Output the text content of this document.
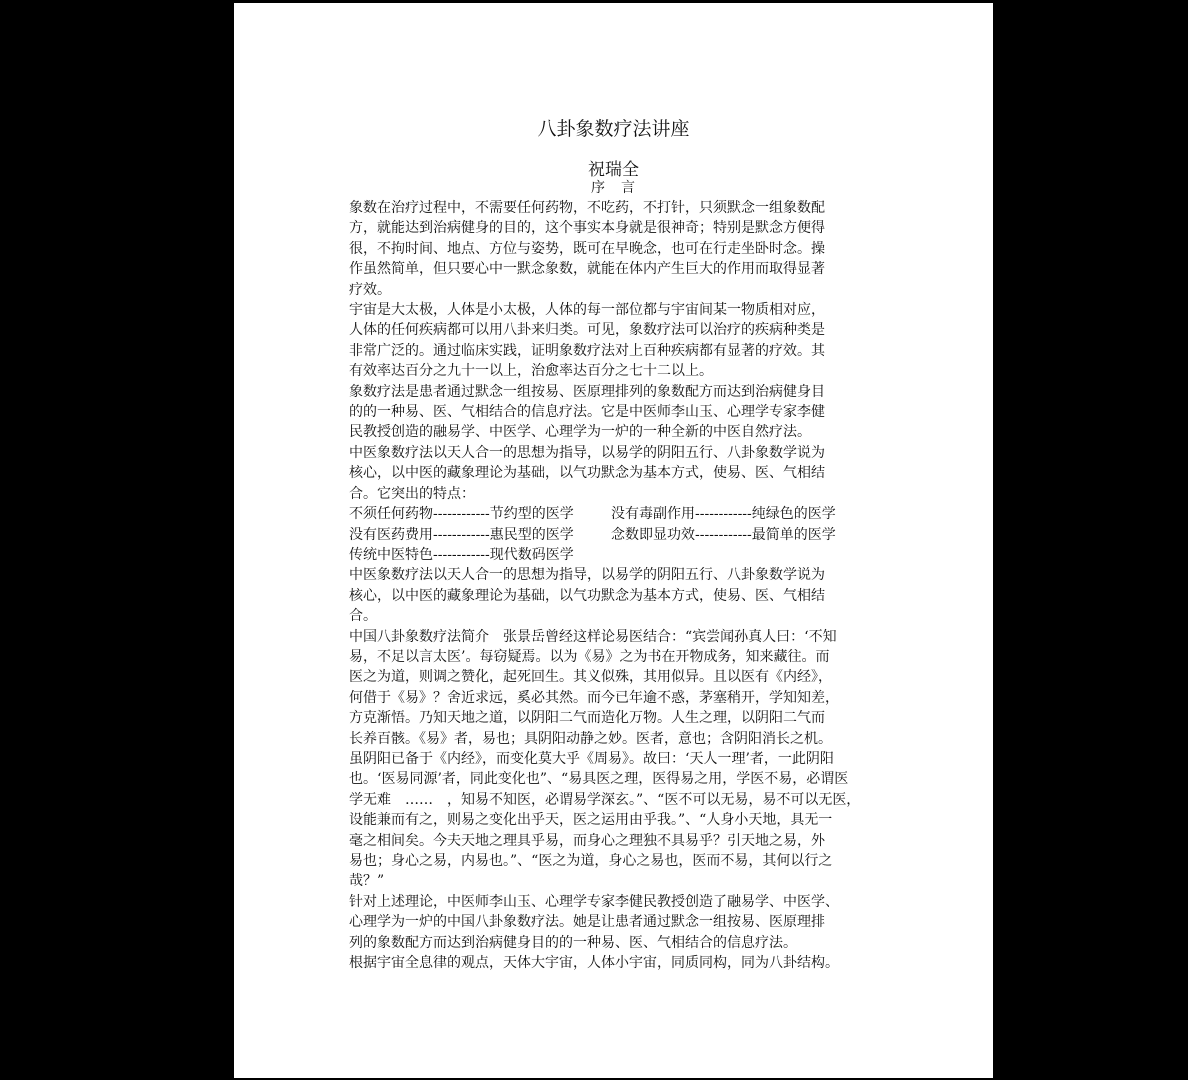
八卦象数疗法讲座
祝瑞全
序　言
象数在治疗过程中，不需要任何药物，不吃药，不打针，只须默念一组象数配
方，就能达到治病健身的目的，这个事实本身就是很神奇；特别是默念方便得
很，不拘时间、地点、方位与姿势，既可在早晚念，也可在行走坐卧时念。操
作虽然简单，但只要心中一默念象数，就能在体内产生巨大的作用而取得显著
疗效。
宇宙是大太极，人体是小太极，人体的每一部位都与宇宙间某一物质相对应，
人体的任何疾病都可以用八卦来归类。可见，象数疗法可以治疗的疾病种类是
非常广泛的。通过临床实践，证明象数疗法对上百种疾病都有显著的疗效。其
有效率达百分之九十一以上，治愈率达百分之七十二以上。
象数疗法是患者通过默念一组按易、医原理排列的象数配方而达到治病健身目
的的一种易、医、气相结合的信息疗法。它是中医师李山玉、心理学专家李健
民教授创造的融易学、中医学、心理学为一炉的一种全新的中医自然疗法。
中医象数疗法以天人合一的思想为指导，以易学的阴阳五行、八卦象数学说为
核心，以中医的藏象理论为基础，以气功默念为基本方式，使易、医、气相结
合。它突出的特点：
不须任何药物------------节约型的医学	没有毒副作用------------纯绿色的医学
没有医药费用------------惠民型的医学	念数即显功效------------最简单的医学
传统中医特色------------现代数码医学
中医象数疗法以天人合一的思想为指导，以易学的阴阳五行、八卦象数学说为
核心，以中医的藏象理论为基础，以气功默念为基本方式，使易、医、气相结
合。
中国八卦象数疗法简介　张景岳曾经这样论易医结合：“宾尝闻孙真人曰：‘不知
易，不足以言太医’。每窃疑焉。以为《易》之为书在开物成务，知来藏往。而
医之为道，则调之赞化，起死回生。其义似殊，其用似异。且以医有《内经》，
何借于《易》？舍近求远，奚必其然。而今已年逾不惑，茅塞稍开，学知知差，
方克渐悟。乃知天地之道，以阴阳二气而造化万物。人生之理，以阴阳二气而
长养百骸。《易》者，易也；具阴阳动静之妙。医者，意也；含阴阳消长之机。
虽阴阳已备于《内经》，而变化莫大乎《周易》。故曰：‘天人一理’者，一此阴阳
也。‘医易同源’者，同此变化也”、“易具医之理，医得易之用，学医不易，必谓医
学无难　……　，知易不知医，必谓易学深玄。”、“医不可以无易，易不可以无医，
设能兼而有之，则易之变化出乎天，医之运用由乎我。”、“人身小天地，具无一
毫之相间矣。今夫天地之理具乎易，而身心之理独不具易乎？引天地之易，外
易也；身心之易，内易也。”、“医之为道，身心之易也，医而不易，其何以行之
哉？”
针对上述理论，中医师李山玉、心理学专家李健民教授创造了融易学、中医学、
心理学为一炉的中国八卦象数疗法。她是让患者通过默念一组按易、医原理排
列的象数配方而达到治病健身目的的一种易、医、气相结合的信息疗法。
根据宇宙全息律的观点，天体大宇宙，人体小宇宙，同质同构，同为八卦结构。
